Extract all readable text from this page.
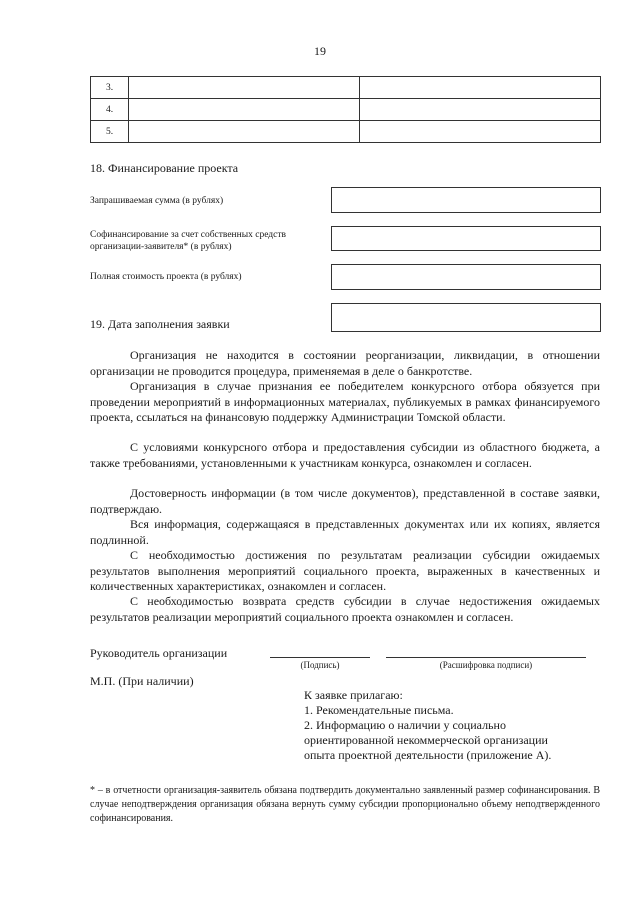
19
3.		
4.		
5.		
18. Финансирование проекта
Запрашиваемая сумма (в рублях)
Софинансирование за счет собственных средств
организации-заявителя* (в рублях)
Полная стоимость проекта (в рублях)
19. Дата заполнения заявки
Организация не находится в состоянии реорганизации, ликвидации, в отношении организации не проводится процедура, применяемая в деле о банкротстве.
Организация в случае признания ее победителем конкурсного отбора обязуется при проведении мероприятий в информационных материалах, публикуемых в рамках финансируемого проекта, ссылаться на финансовую поддержку Администрации Томской области.
С условиями конкурсного отбора и предоставления субсидии из областного бюджета, а также требованиями, установленными к участникам конкурса, ознакомлен и согласен.
Достоверность информации (в том числе документов), представленной в составе заявки, подтверждаю.
Вся информация, содержащаяся в представленных документах или их копиях, является подлинной.
С необходимостью достижения по результатам реализации субсидии ожидаемых результатов выполнения мероприятий социального проекта, выраженных в качественных и количественных характеристиках, ознакомлен и согласен.
С необходимостью возврата средств субсидии в случае недостижения ожидаемых результатов реализации мероприятий социального проекта ознакомлен и согласен.
Руководитель организации
(Подпись)	(Расшифровка подписи)
М.П. (При наличии)
К заявке прилагаю:
1. Рекомендательные письма.
2. Информацию о наличии у социально
ориентированной некоммерческой организации
опыта проектной деятельности (приложение А).
* – в отчетности организация-заявитель обязана подтвердить документально заявленный размер софинансирования. В случае неподтверждения организация обязана вернуть сумму субсидии пропорционально объему неподтвержденного софинансирования.
